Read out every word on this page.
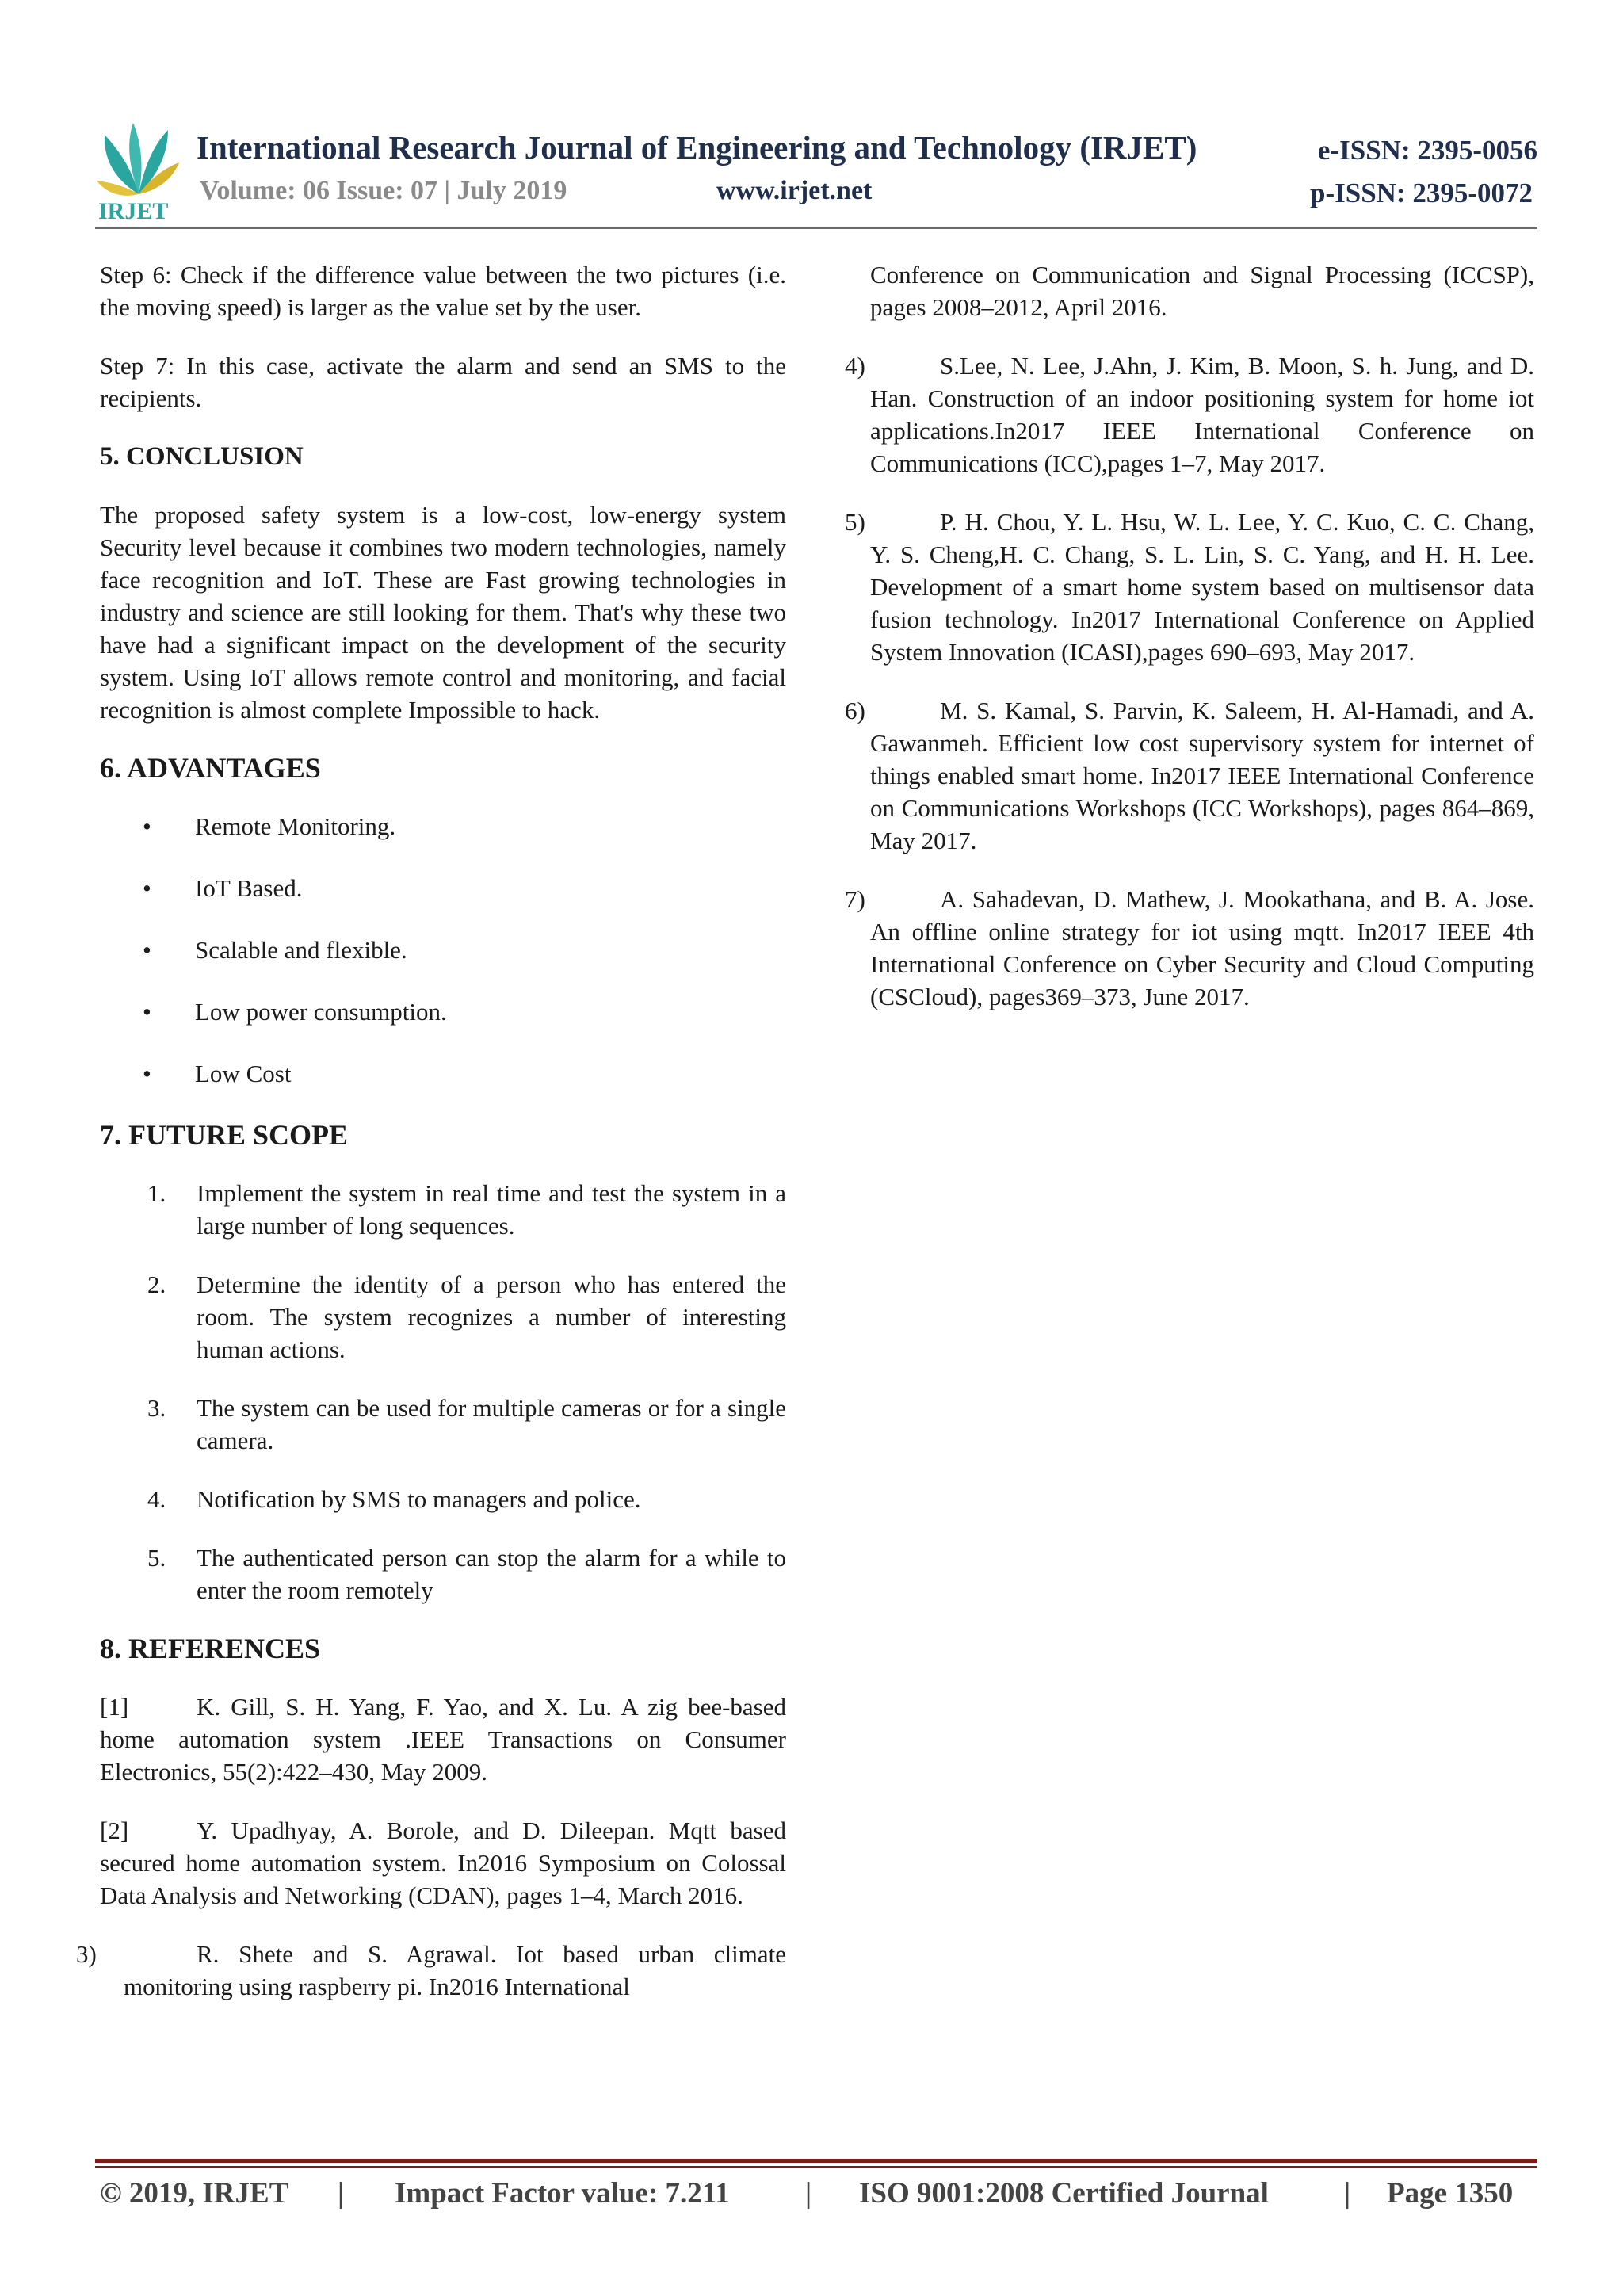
IRJET
International Research Journal of Engineering and Technology (IRJET)	e-ISSN: 2395-0056
Volume: 06 Issue: 07 | July 2019	www.irjet.net	p-ISSN: 2395-0072

Step 6: Check if the difference value between the two pictures (i.e. the moving speed) is larger as the value set by the user.

Step 7: In this case, activate the alarm and send an SMS to the recipients.

5. CONCLUSION

The proposed safety system is a low-cost, low-energy system Security level because it combines two modern technologies, namely face recognition and IoT. These are Fast growing technologies in industry and science are still looking for them. That's why these two have had a significant impact on the development of the security system. Using IoT allows remote control and monitoring, and facial recognition is almost complete Impossible to hack.

6. ADVANTAGES
• Remote Monitoring.
• IoT Based.
• Scalable and flexible.
• Low power consumption.
• Low Cost
7. FUTURE SCOPE
1. Implement the system in real time and test the system in a large number of long sequences.
2. Determine the identity of a person who has entered the room. The system recognizes a number of interesting human actions.
3. The system can be used for multiple cameras or for a single camera.
4. Notification by SMS to managers and police.
5. The authenticated person can stop the alarm for a while to enter the room remotely
8. REFERENCES
[1]	K. Gill, S. H. Yang, F. Yao, and X. Lu. A zig bee-based home automation system .IEEE Transactions on Consumer Electronics, 55(2):422–430, May 2009.
[2]	Y. Upadhyay, A. Borole, and D. Dileepan. Mqtt based secured home automation system. In2016 Symposium on Colossal Data Analysis and Networking (CDAN), pages 1–4, March 2016.
3)	R. Shete and S. Agrawal. Iot based urban climate monitoring using raspberry pi. In2016 International
Conference on Communication and Signal Processing (ICCSP), pages 2008–2012, April 2016.
4)	S.Lee, N. Lee, J.Ahn, J. Kim, B. Moon, S. h. Jung, and D. Han. Construction of an indoor positioning system for home iot applications.In2017 IEEE International Conference on Communications (ICC),pages 1–7, May 2017.
5)	P. H. Chou, Y. L. Hsu, W. L. Lee, Y. C. Kuo, C. C. Chang, Y. S. Cheng,H. C. Chang, S. L. Lin, S. C. Yang, and H. H. Lee. Development of a smart home system based on multisensor data fusion technology. In2017 International Conference on Applied System Innovation (ICASI),pages 690–693, May 2017.
6)	M. S. Kamal, S. Parvin, K. Saleem, H. Al-Hamadi, and A. Gawanmeh. Efficient low cost supervisory system for internet of things enabled smart home. In2017 IEEE International Conference on Communications Workshops (ICC Workshops), pages 864–869, May 2017.
7)	A. Sahadevan, D. Mathew, J. Mookathana, and B. A. Jose. An offline online strategy for iot using mqtt. In2017 IEEE 4th International Conference on Cyber Security and Cloud Computing (CSCloud), pages369–373, June 2017.
© 2019, IRJET | Impact Factor value: 7.211	| ISO 9001:2008 Certified Journal	| Page 1350
